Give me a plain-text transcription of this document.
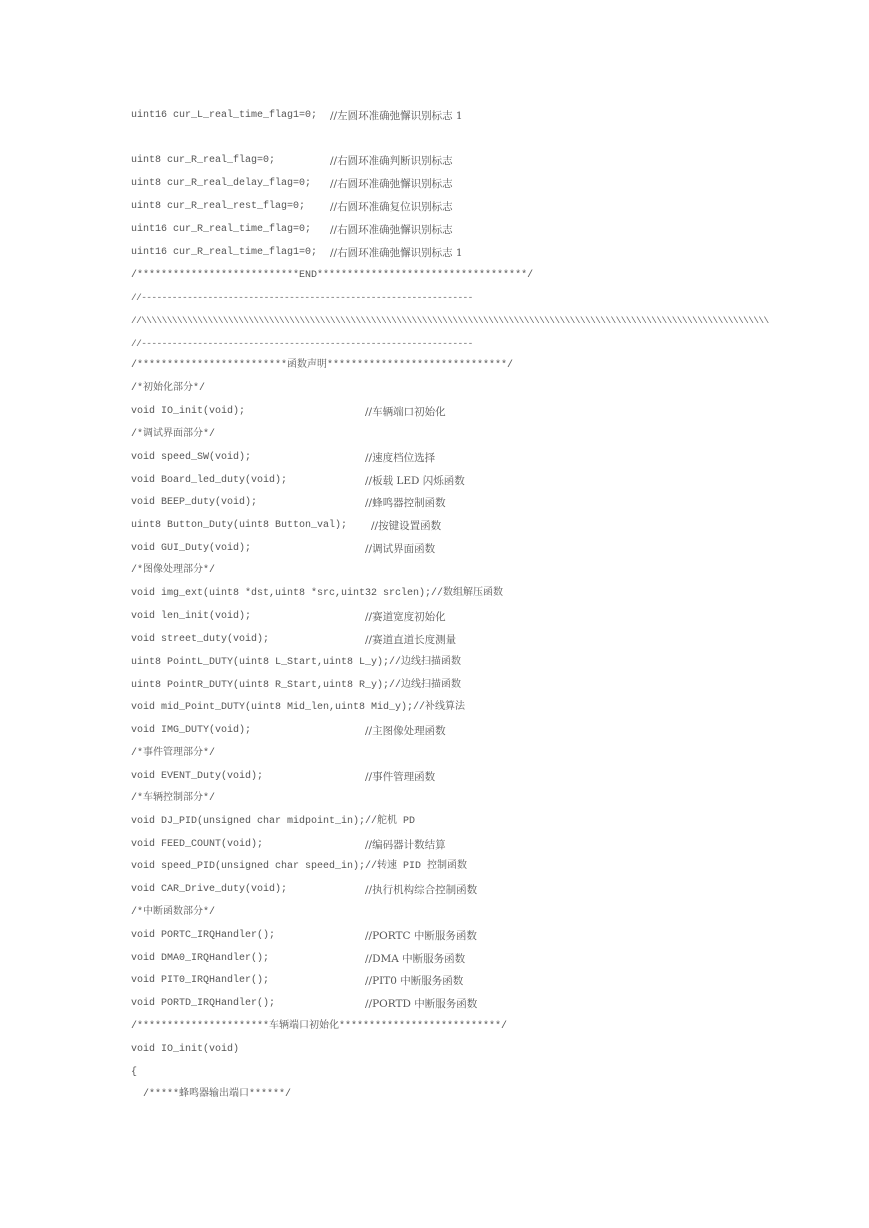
uint16 cur_L_real_time_flag1=0; //左圆环准确弛懈识别标志 1
uint8 cur_R_real_flag=0;	//右圆环准确判断识别标志
uint8 cur_R_real_delay_flag=0; //右圆环准确弛懈识别标志
uint8 cur_R_real_rest_flag=0; //右圆环准确复位识别标志
uint16 cur_R_real_time_flag=0; //右圆环准确弛懈识别标志
uint16 cur_R_real_time_flag1=0; //右圆环准确弛懈识别标志 1
/***************************END***********************************/
//-----------------------------------------------------------------
//\\\\\\\\\\\\\\\\\\\\\\\\\\\\\\\\\\\\\\\\\\\\\\\\\\\\\\\\\\\\\\\\\\\\\\\\\\\\\\\\\\\\\\\\\\\\\\\\\\\\\\\\\\\\\\\\\\\\\\\\\\\
//-----------------------------------------------------------------
/*************************函数声明******************************/
/*初始化部分*/
void IO_init(void);	//车辆端口初始化
/*调试界面部分*/
void speed_SW(void);	//速度档位选择
void Board_led_duty(void);	//板载 LED 闪烁函数
void BEEP_duty(void);	//蜂鸣器控制函数
uint8 Button_Duty(uint8 Button_val); //按键设置函数
void GUI_Duty(void);	//调试界面函数
/*图像处理部分*/
void img_ext(uint8 *dst,uint8 *src,uint32 srclen);//数组解压函数
void len_init(void);	//赛道宽度初始化
void street_duty(void);	//赛道直道长度测量
uint8 PointL_DUTY(uint8 L_Start,uint8 L_y);//边线扫描函数
uint8 PointR_DUTY(uint8 R_Start,uint8 R_y);//边线扫描函数
void mid_Point_DUTY(uint8 Mid_len,uint8 Mid_y);//补线算法
void IMG_DUTY(void);	//主图像处理函数
/*事件管理部分*/
void EVENT_Duty(void);	//事件管理函数
/*车辆控制部分*/
void DJ_PID(unsigned char midpoint_in);//舵机 PD
void FEED_COUNT(void);	//编码器计数结算
void speed_PID(unsigned char speed_in);//转速 PID 控制函数
void CAR_Drive_duty(void);	//执行机构综合控制函数
/*中断函数部分*/
void PORTC_IRQHandler();	//PORTC 中断服务函数
void DMA0_IRQHandler();	//DMA 中断服务函数
void PIT0_IRQHandler();	//PIT0 中断服务函数
void PORTD_IRQHandler();	//PORTD 中断服务函数
/**********************车辆端口初始化***************************/
void IO_init(void)
{
/*****蜂鸣器输出端口******/
